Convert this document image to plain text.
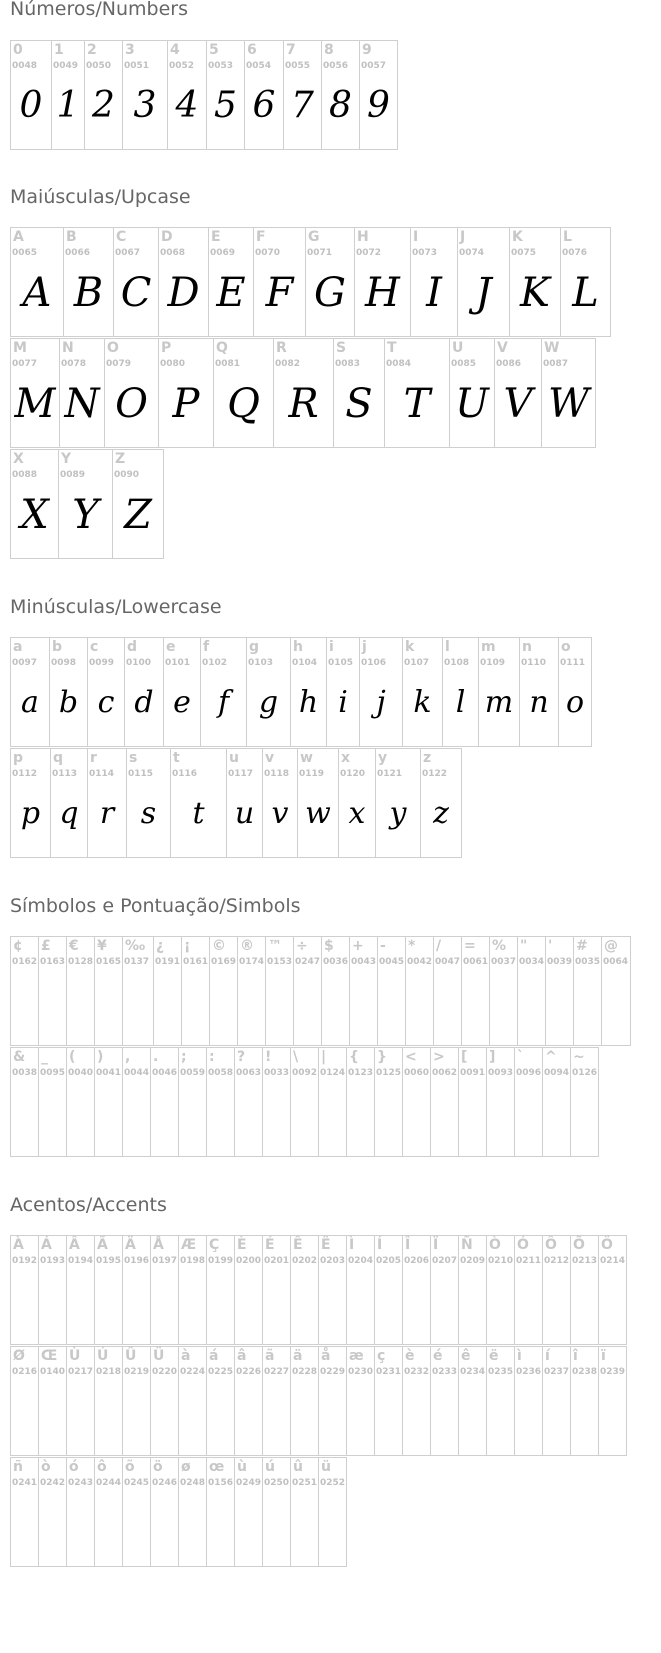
Números/Numbers
Maiúsculas/Upcase
Minúsculas/Lowercase
Símbolos e Pontuação/Simbols
Acentos/Accents
0
0048
0
1
0049
1
2
0050
2
3
0051
3
4
0052
4
5
0053
5
6
0054
6
7
0055
7
8
0056
8
9
0057
9
A
0065
A
B
0066
B
C
0067
C
D
0068
D
E
0069
E
F
0070
F
G
0071
G
H
0072
H
I
0073
I
J
0074
J
K
0075
K
L
0076
L
M
0077
M
N
0078
N
O
0079
O
P
0080
P
Q
0081
Q
R
0082
R
S
0083
S
T
0084
T
U
0085
U
V
0086
V
W
0087
W
X
0088
X
Y
0089
Y
Z
0090
Z
a
0097
a
b
0098
b
c
0099
c
d
0100
d
e
0101
e
f
0102
f
g
0103
g
h
0104
h
i
0105
i
j
0106
j
k
0107
k
l
0108
l
m
0109
m
n
0110
n
o
0111
o
p
0112
p
q
0113
q
r
0114
r
s
0115
s
t
0116
t
u
0117
u
v
0118
v
w
0119
w
x
0120
x
y
0121
y
z
0122
z
¢
0162
£
0163
€
0128
¥
0165
‰
0137
¿
0191
¡
0161
©
0169
®
0174
™
0153
÷
0247
$
0036
+
0043
-
0045
*
0042
/
0047
=
0061
%
0037
"
0034
'
0039
#
0035
@
0064
&
0038
_
0095
(
0040
)
0041
,
0044
.
0046
;
0059
:
0058
?
0063
!
0033
\
0092
|
0124
{
0123
}
0125
<
0060
>
0062
[
0091
]
0093
`
0096
^
0094
~
0126
À
0192
Á
0193
Â
0194
Ã
0195
Ä
0196
Å
0197
Æ
0198
Ç
0199
È
0200
É
0201
Ê
0202
Ë
0203
Ì
0204
Í
0205
Î
0206
Ï
0207
Ñ
0209
Ò
0210
Ó
0211
Ô
0212
Õ
0213
Ö
0214
Ø
0216
Œ
0140
Ù
0217
Ú
0218
Û
0219
Ü
0220
à
0224
á
0225
â
0226
ã
0227
ä
0228
å
0229
æ
0230
ç
0231
è
0232
é
0233
ê
0234
ë
0235
ì
0236
í
0237
î
0238
ï
0239
ñ
0241
ò
0242
ó
0243
ô
0244
õ
0245
ö
0246
ø
0248
œ
0156
ù
0249
ú
0250
û
0251
ü
0252
